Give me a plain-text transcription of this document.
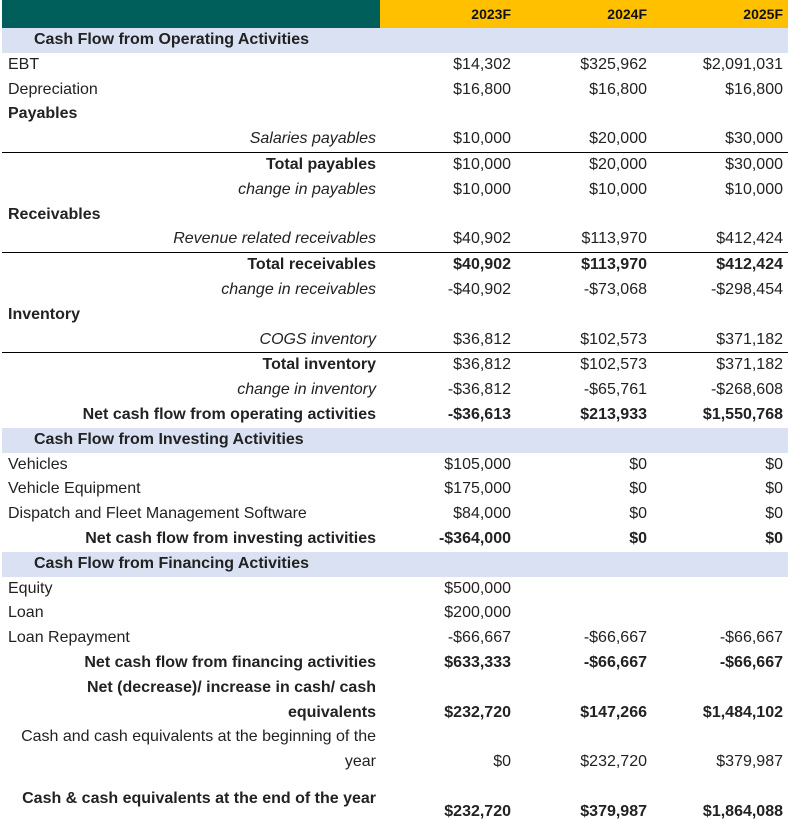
	2023F	2024F	2025F
Cash Flow from Operating Activities			
EBT	$14,302	$325,962	$2,091,031
Depreciation	$16,800	$16,800	$16,800
Payables			
Salaries payables	$10,000	$20,000	$30,000
Total payables	$10,000	$20,000	$30,000
change in payables	$10,000	$10,000	$10,000
Receivables			
Revenue related receivables	$40,902	$113,970	$412,424
Total receivables	$40,902	$113,970	$412,424
change in receivables	-$40,902	-$73,068	-$298,454
Inventory			
COGS inventory	$36,812	$102,573	$371,182
Total inventory	$36,812	$102,573	$371,182
change in inventory	-$36,812	-$65,761	-$268,608
Net cash flow from operating activities	-$36,613	$213,933	$1,550,768
Cash Flow from Investing Activities			
Vehicles	$105,000	$0	$0
Vehicle Equipment	$175,000	$0	$0
Dispatch and Fleet Management Software	$84,000	$0	$0
Net cash flow from investing activities	-$364,000	$0	$0
Cash Flow from Financing Activities			
Equity	$500,000		
Loan	$200,000		
Loan Repayment	-$66,667	-$66,667	-$66,667
Net cash flow from financing activities	$633,333	-$66,667	-$66,667
Net (decrease)/ increase in cash/ cash equivalents	$232,720	$147,266	$1,484,102
Cash and cash equivalents at the beginning of the year	$0	$232,720	$379,987
Cash & cash equivalents at the end of the year	$232,720	$379,987	$1,864,088
